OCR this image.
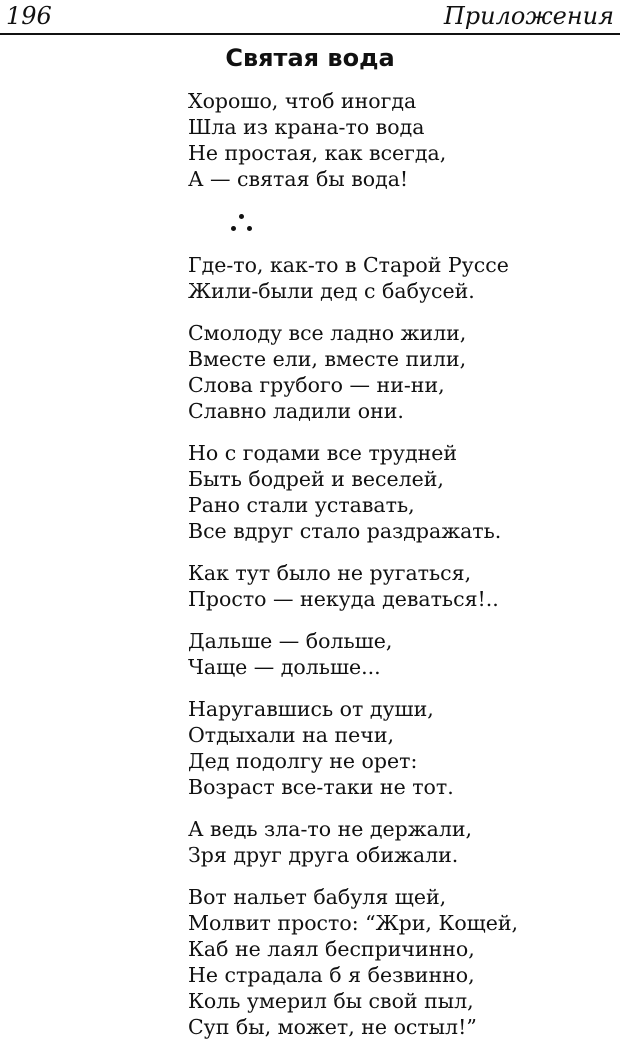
196	Приложения
Святая вода
Хорошо, чтоб иногда
Шла из крана-то вода
Не простая, как всегда,
А — святая бы вода!
Где-то, как-то в Старой Руссе
Жили-были дед с бабусей.
Смолоду все ладно жили,
Вместе ели, вместе пили,
Слова грубого — ни-ни,
Славно ладили они.
Но с годами все трудней
Быть бодрей и веселей,
Рано стали уставать,
Все вдруг стало раздражать.
Как тут было не ругаться,
Просто — некуда деваться!..
Дальше — больше,
Чаще — дольше...
Наругавшись от души,
Отдыхали на печи,
Дед подолгу не орет:
Возраст все-таки не тот.
А ведь зла-то не держали,
Зря друг друга обижали.
Вот нальет бабуля щей,
Молвит просто: “Жри, Кощей,
Каб не лаял беспричинно,
Не страдала б я безвинно,
Коль умерил бы свой пыл,
Суп бы, может, не остыл!”
